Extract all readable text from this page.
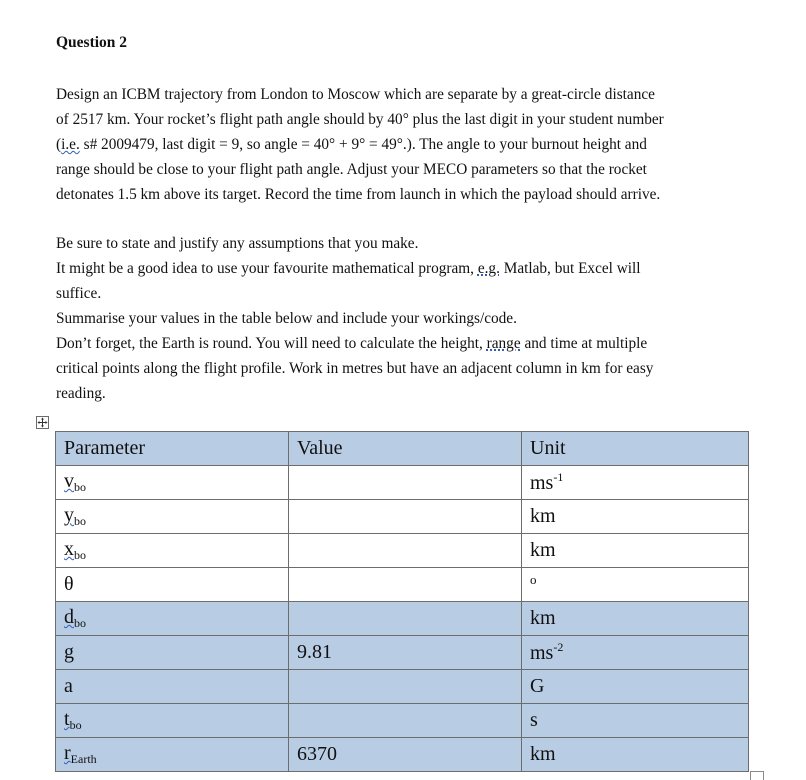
Question 2
Design an ICBM trajectory from London to Moscow which are separate by a great-circle distance
of 2517 km. Your rocket’s flight path angle should by 40° plus the last digit in your student number
(i.e. s# 2009479, last digit = 9, so angle = 40° + 9° = 49°.). The angle to your burnout height and
range should be close to your flight path angle. Adjust your MECO parameters so that the rocket
detonates 1.5 km above its target. Record the time from launch in which the payload should arrive.
Be sure to state and justify any assumptions that you make.
It might be a good idea to use your favourite mathematical program, e.g. Matlab, but Excel will
suffice.
Summarise your values in the table below and include your workings/code.
Don’t forget, the Earth is round. You will need to calculate the height, range and time at multiple
critical points along the flight profile. Work in metres but have an adjacent column in km for easy
reading.
Parameter	Value	Unit
$v_{bo}$		$ms^{-1}$
$y_{bo}$		km
$x_{bo}$		km
θ		$^o$
$d_{bo}$		km
g	9.81	$ms^{-2}$
a		G
$t_{bo}$		s
$r_{Earth}$	6370	km
